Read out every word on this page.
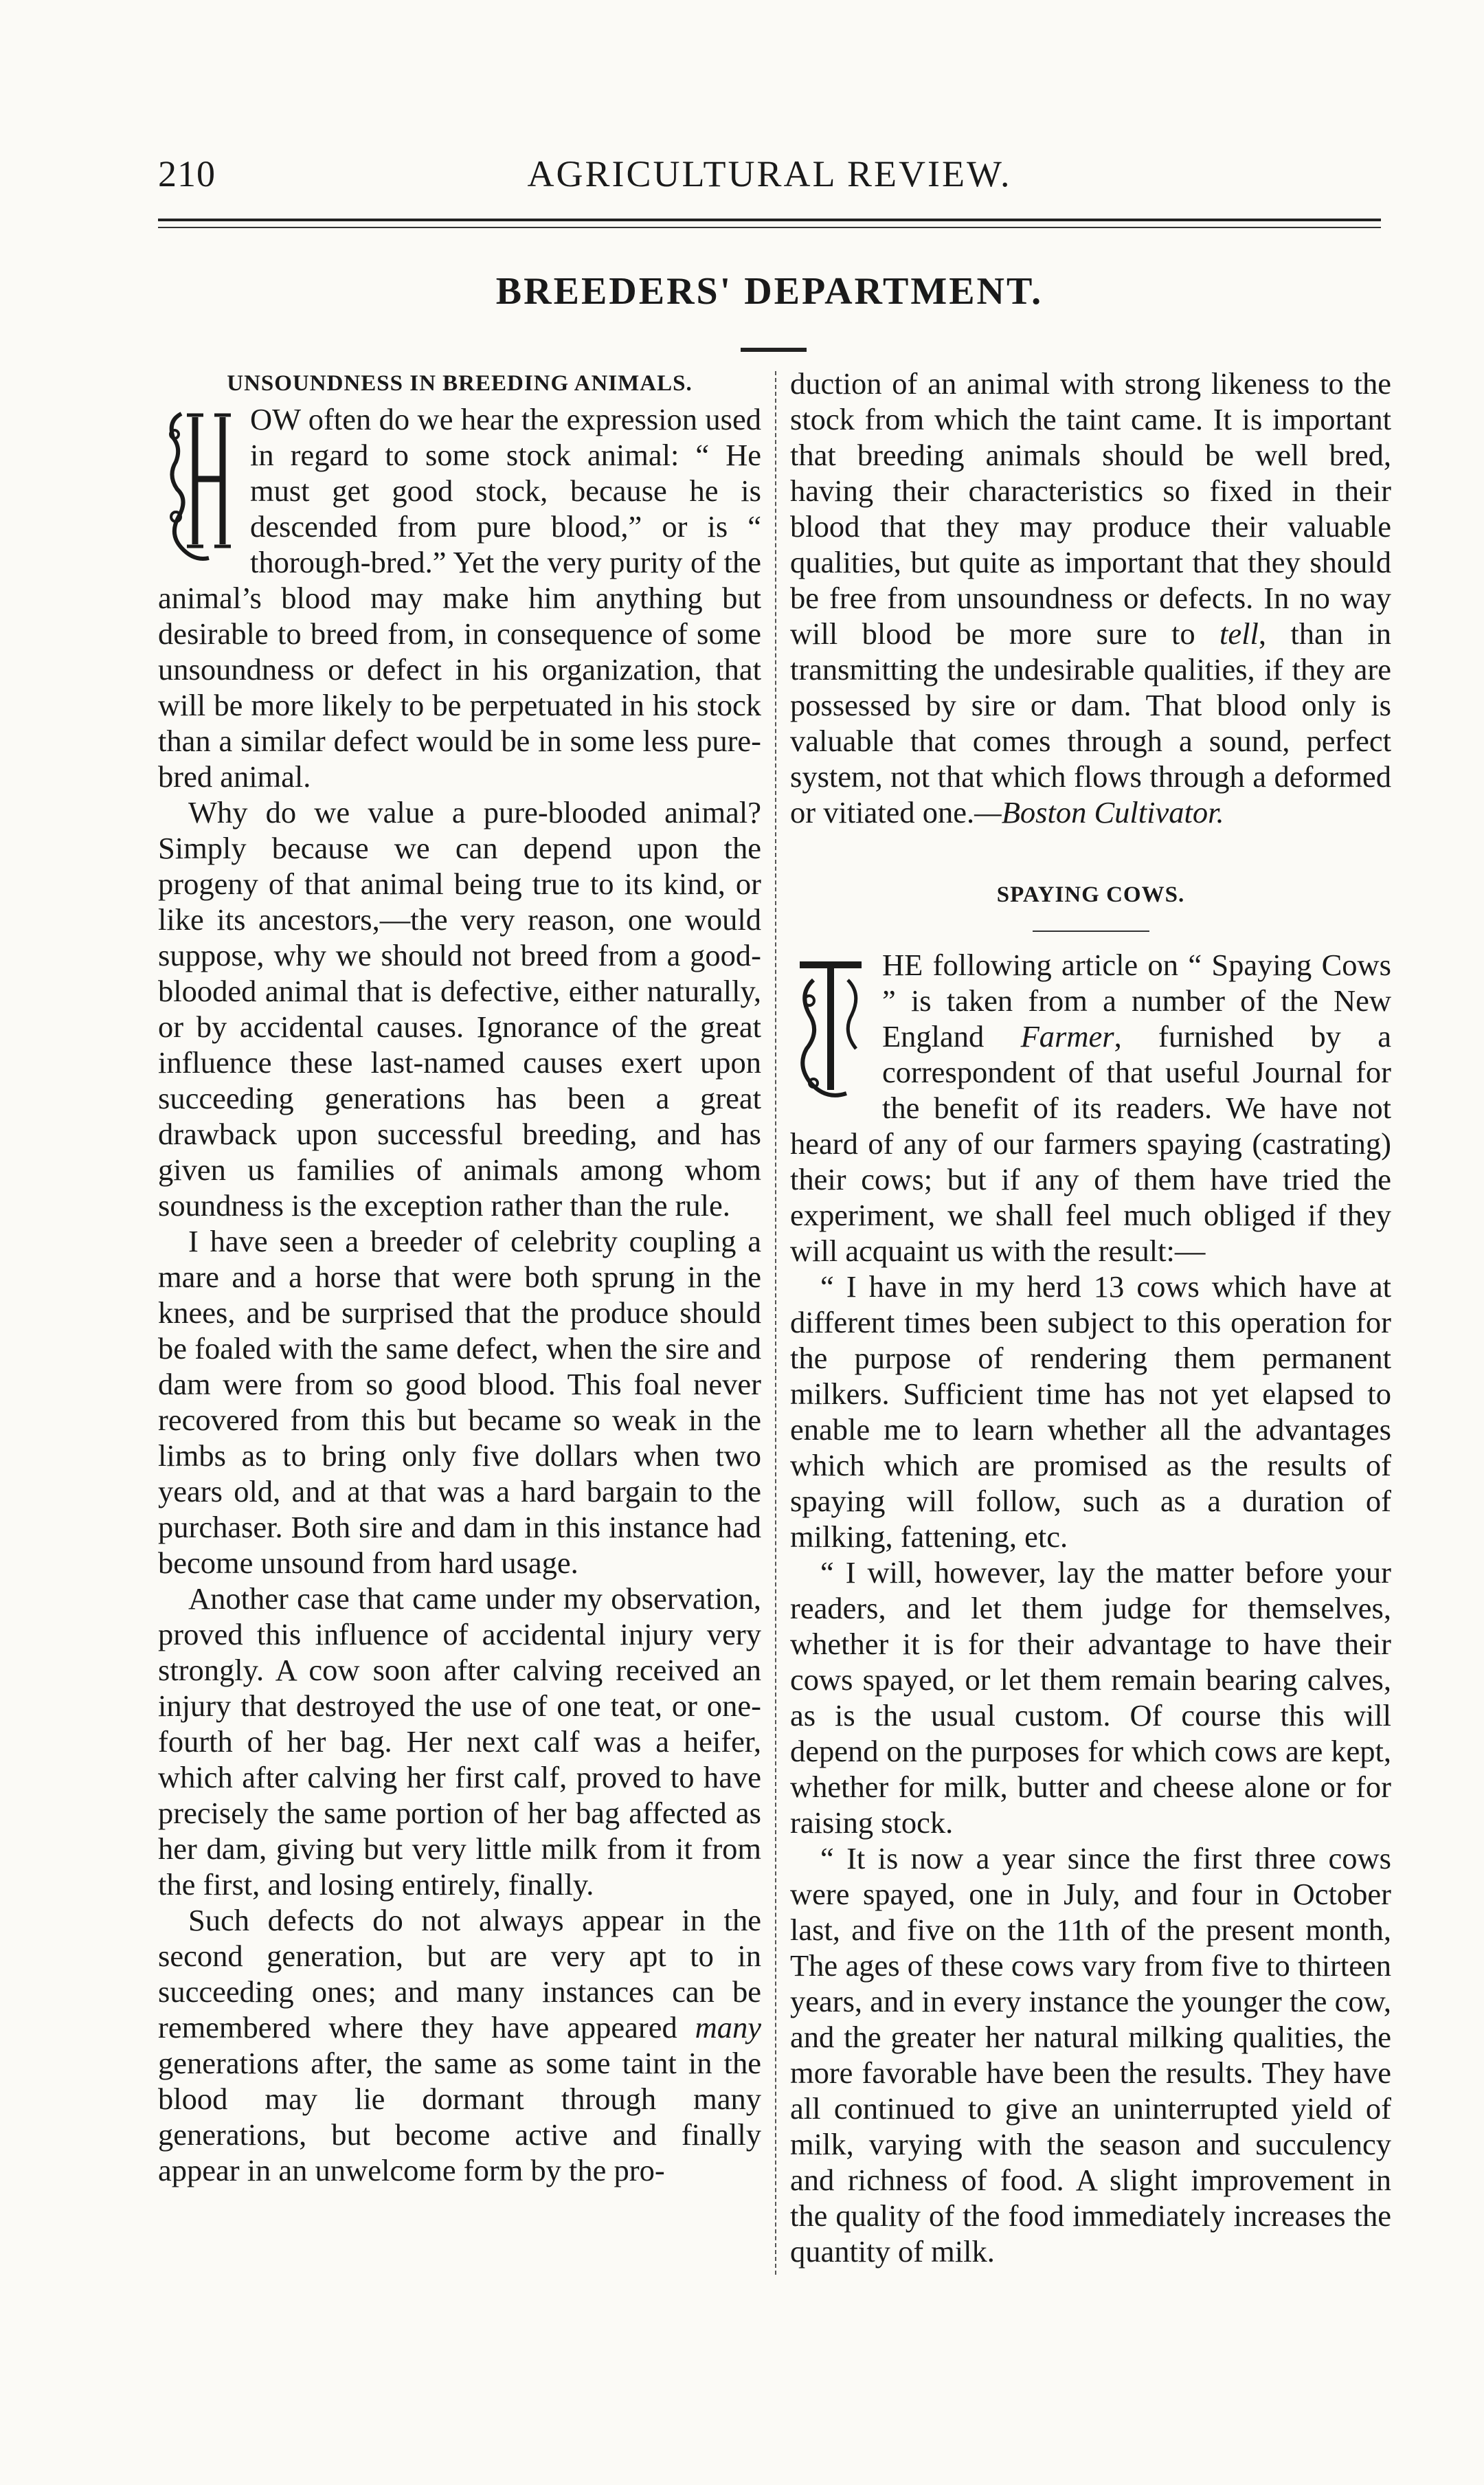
210	AGRICULTURAL REVIEW.
BREEDERS' DEPARTMENT.
UNSOUNDNESS IN BREEDING ANIMALS.

OW often do we hear the expression used in regard to some stock animal: “ He must get good stock, because he is descended from pure blood,” or is “ thorough-bred.” Yet the very purity of the animal’s blood may make him anything but desirable to breed from, in consequence of some unsoundness or defect in his organization, that will be more likely to be perpetuated in his stock than a similar defect would be in some less pure-bred animal.

Why do we value a pure-blooded animal? Simply because we can depend upon the progeny of that animal being true to its kind, or like its ancestors,—the very reason, one would suppose, why we should not breed from a good-blooded animal that is defective, either naturally, or by accidental causes. Ignorance of the great influence these last-named causes exert upon succeeding generations has been a great drawback upon successful breeding, and has given us families of animals among whom soundness is the exception rather than the rule.

I have seen a breeder of celebrity coupling a mare and a horse that were both sprung in the knees, and be surprised that the produce should be foaled with the same defect, when the sire and dam were from so good blood. This foal never recovered from this but became so weak in the limbs as to bring only five dollars when two years old, and at that was a hard bargain to the purchaser. Both sire and dam in this instance had become unsound from hard usage.

Another case that came under my observation, proved this influence of accidental injury very strongly. A cow soon after calving received an injury that destroyed the use of one teat, or one-fourth of her bag. Her next calf was a heifer, which after calving her first calf, proved to have precisely the same portion of her bag affected as her dam, giving but very little milk from it from the first, and losing entirely, finally.

Such defects do not always appear in the second generation, but are very apt to in succeeding ones; and many instances can be remembered where they have appeared many generations after, the same as some taint in the blood may lie dormant through many generations, but become active and finally appear in an unwelcome form by the pro-

duction of an animal with strong likeness to the stock from which the taint came. It is important that breeding animals should be well bred, having their characteristics so fixed in their blood that they may produce their valuable qualities, but quite as important that they should be free from unsoundness or defects. In no way will blood be more sure to tell, than in transmitting the undesirable qualities, if they are possessed by sire or dam. That blood only is valuable that comes through a sound, perfect system, not that which flows through a deformed or vitiated one.—Boston Cultivator.

SPAYING COWS.

HE following article on “ Spaying Cows ” is taken from a number of the New England Farmer, furnished by a correspondent of that useful Journal for the benefit of its readers. We have not heard of any of our farmers spaying (castrating) their cows; but if any of them have tried the experiment, we shall feel much obliged if they will acquaint us with the result:—

“ I have in my herd 13 cows which have at different times been subject to this operation for the purpose of rendering them permanent milkers. Sufficient time has not yet elapsed to enable me to learn whether all the advantages which which are promised as the results of spaying will follow, such as a duration of milking, fattening, etc.

“ I will, however, lay the matter before your readers, and let them judge for themselves, whether it is for their advantage to have their cows spayed, or let them remain bearing calves, as is the usual custom. Of course this will depend on the purposes for which cows are kept, whether for milk, butter and cheese alone or for raising stock.

“ It is now a year since the first three cows were spayed, one in July, and four in October last, and five on the 11th of the present month, The ages of these cows vary from five to thirteen years, and in every instance the younger the cow, and the greater her natural milking qualities, the more favorable have been the results. They have all continued to give an uninterrupted yield of milk, varying with the season and succulency and richness of food. A slight improvement in the quality of the food immediately increases the quantity of milk.
